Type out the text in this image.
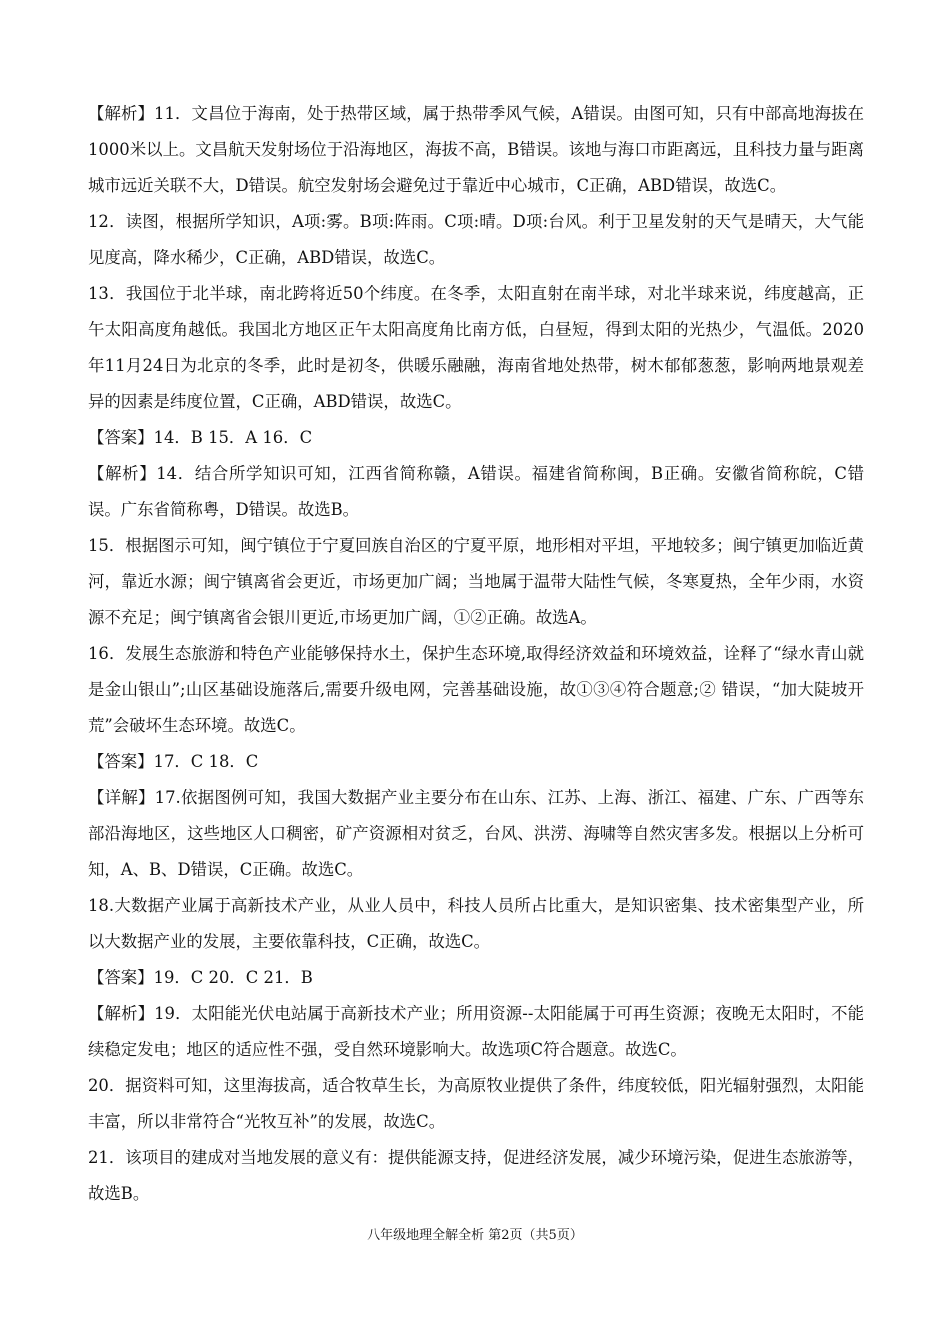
【解析】11．文昌位于海南，处于热带区域，属于热带季风气候，A错误。由图可知，只有中部高地海拔在1000米以上。文昌航天发射场位于沿海地区，海拔不高，B错误。该地与海口市距离远，且科技力量与距离城市远近关联不大，D错误。航空发射场会避免过于靠近中心城市，C正确，ABD错误，故选C。

12．读图，根据所学知识，A项:雾。B项:阵雨。C项:晴。D项:台风。利于卫星发射的天气是晴天，大气能见度高，降水稀少，C正确，ABD错误，故选C。

13．我国位于北半球，南北跨将近50个纬度。在冬季，太阳直射在南半球，对北半球来说，纬度越高，正午太阳高度角越低。我国北方地区正午太阳高度角比南方低，白昼短，得到太阳的光热少，气温低。2020年11月24日为北京的冬季，此时是初冬，供暖乐融融，海南省地处热带，树木郁郁葱葱，影响两地景观差异的因素是纬度位置，C正确，ABD错误，故选C。

【答案】14．B 15．A 16．C

【解析】14．结合所学知识可知，江西省简称赣，A错误。福建省简称闽，B正确。安徽省简称皖，C错误。广东省简称粤，D错误。故选B。

15．根据图示可知，闽宁镇位于宁夏回族自治区的宁夏平原，地形相对平坦，平地较多；闽宁镇更加临近黄河，靠近水源；闽宁镇离省会更近，市场更加广阔；当地属于温带大陆性气候，冬寒夏热，全年少雨，水资源不充足；闽宁镇离省会银川更近,市场更加广阔，①②正确。故选A。

16．发展生态旅游和特色产业能够保持水土，保护生态环境,取得经济效益和环境效益，诠释了“绿水青山就是金山银山”;山区基础设施落后,需要升级电网，完善基础设施，故①③④符合题意;② 错误，“加大陡坡开荒”会破坏生态环境。故选C。

【答案】17．C 18．C

【详解】17.依据图例可知，我国大数据产业主要分布在山东、江苏、上海、浙江、福建、广东、广西等东部沿海地区，这些地区人口稠密，矿产资源相对贫乏，台风、洪涝、海啸等自然灾害多发。根据以上分析可知，A、B、D错误，C正确。故选C。

18.大数据产业属于高新技术产业，从业人员中，科技人员所占比重大，是知识密集、技术密集型产业，所以大数据产业的发展，主要依靠科技，C正确，故选C。

【答案】19．C 20．C 21．B

【解析】19．太阳能光伏电站属于高新技术产业；所用资源--太阳能属于可再生资源；夜晚无太阳时，不能续稳定发电；地区的适应性不强，受自然环境影响大。故选项C符合题意。故选C。

20．据资料可知，这里海拔高，适合牧草生长，为高原牧业提供了条件，纬度较低，阳光辐射强烈，太阳能丰富，所以非常符合“光牧互补”的发展，故选C。

21．该项目的建成对当地发展的意义有：提供能源支持，促进经济发展，减少环境污染，促进生态旅游等，故选B。

八年级地理全解全析 第2页（共5页）
